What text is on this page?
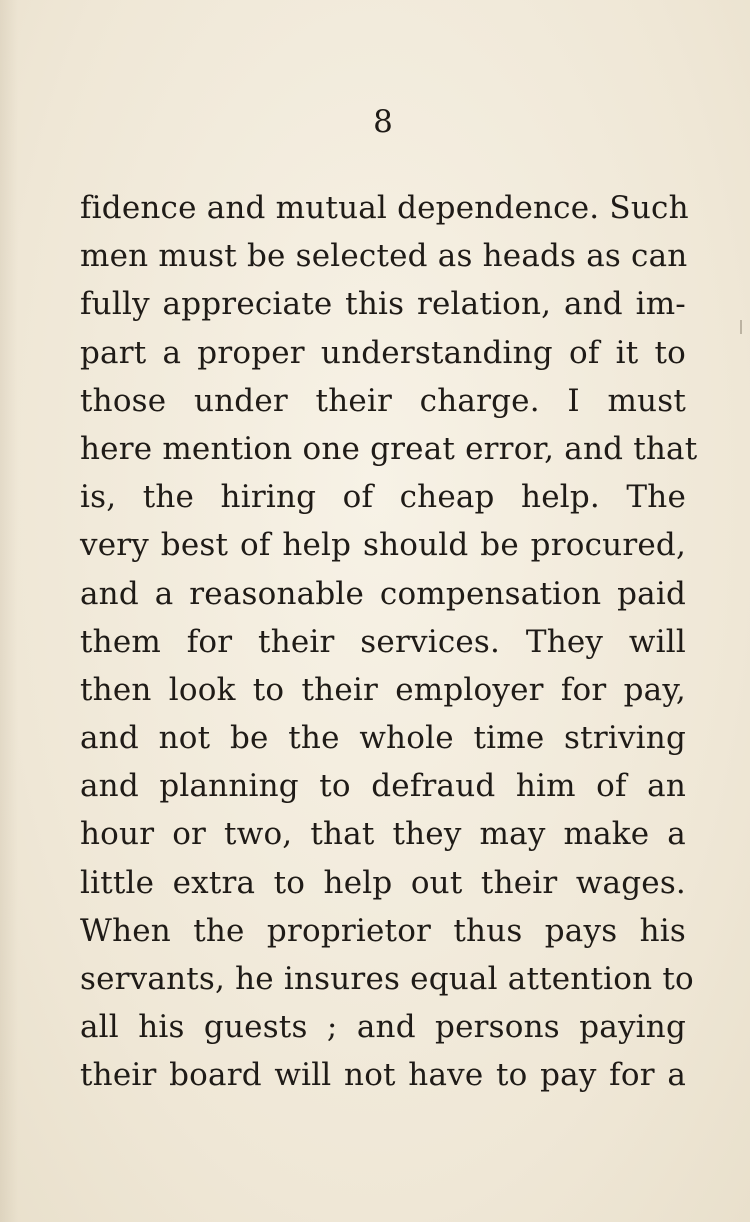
8
fidence and mutual dependence. Such
men must be selected as heads as can
fully appreciate this relation, and im-
part a proper understanding of it to
those under their charge. I must
here mention one great error, and that
is, the hiring of cheap help. The
very best of help should be procured,
and a reasonable compensation paid
them for their services. They will
then look to their employer for pay,
and not be the whole time striving
and planning to defraud him of an
hour or two, that they may make a
little extra to help out their wages.
When the proprietor thus pays his
servants, he insures equal attention to
all his guests ; and persons paying
their board will not have to pay for a
